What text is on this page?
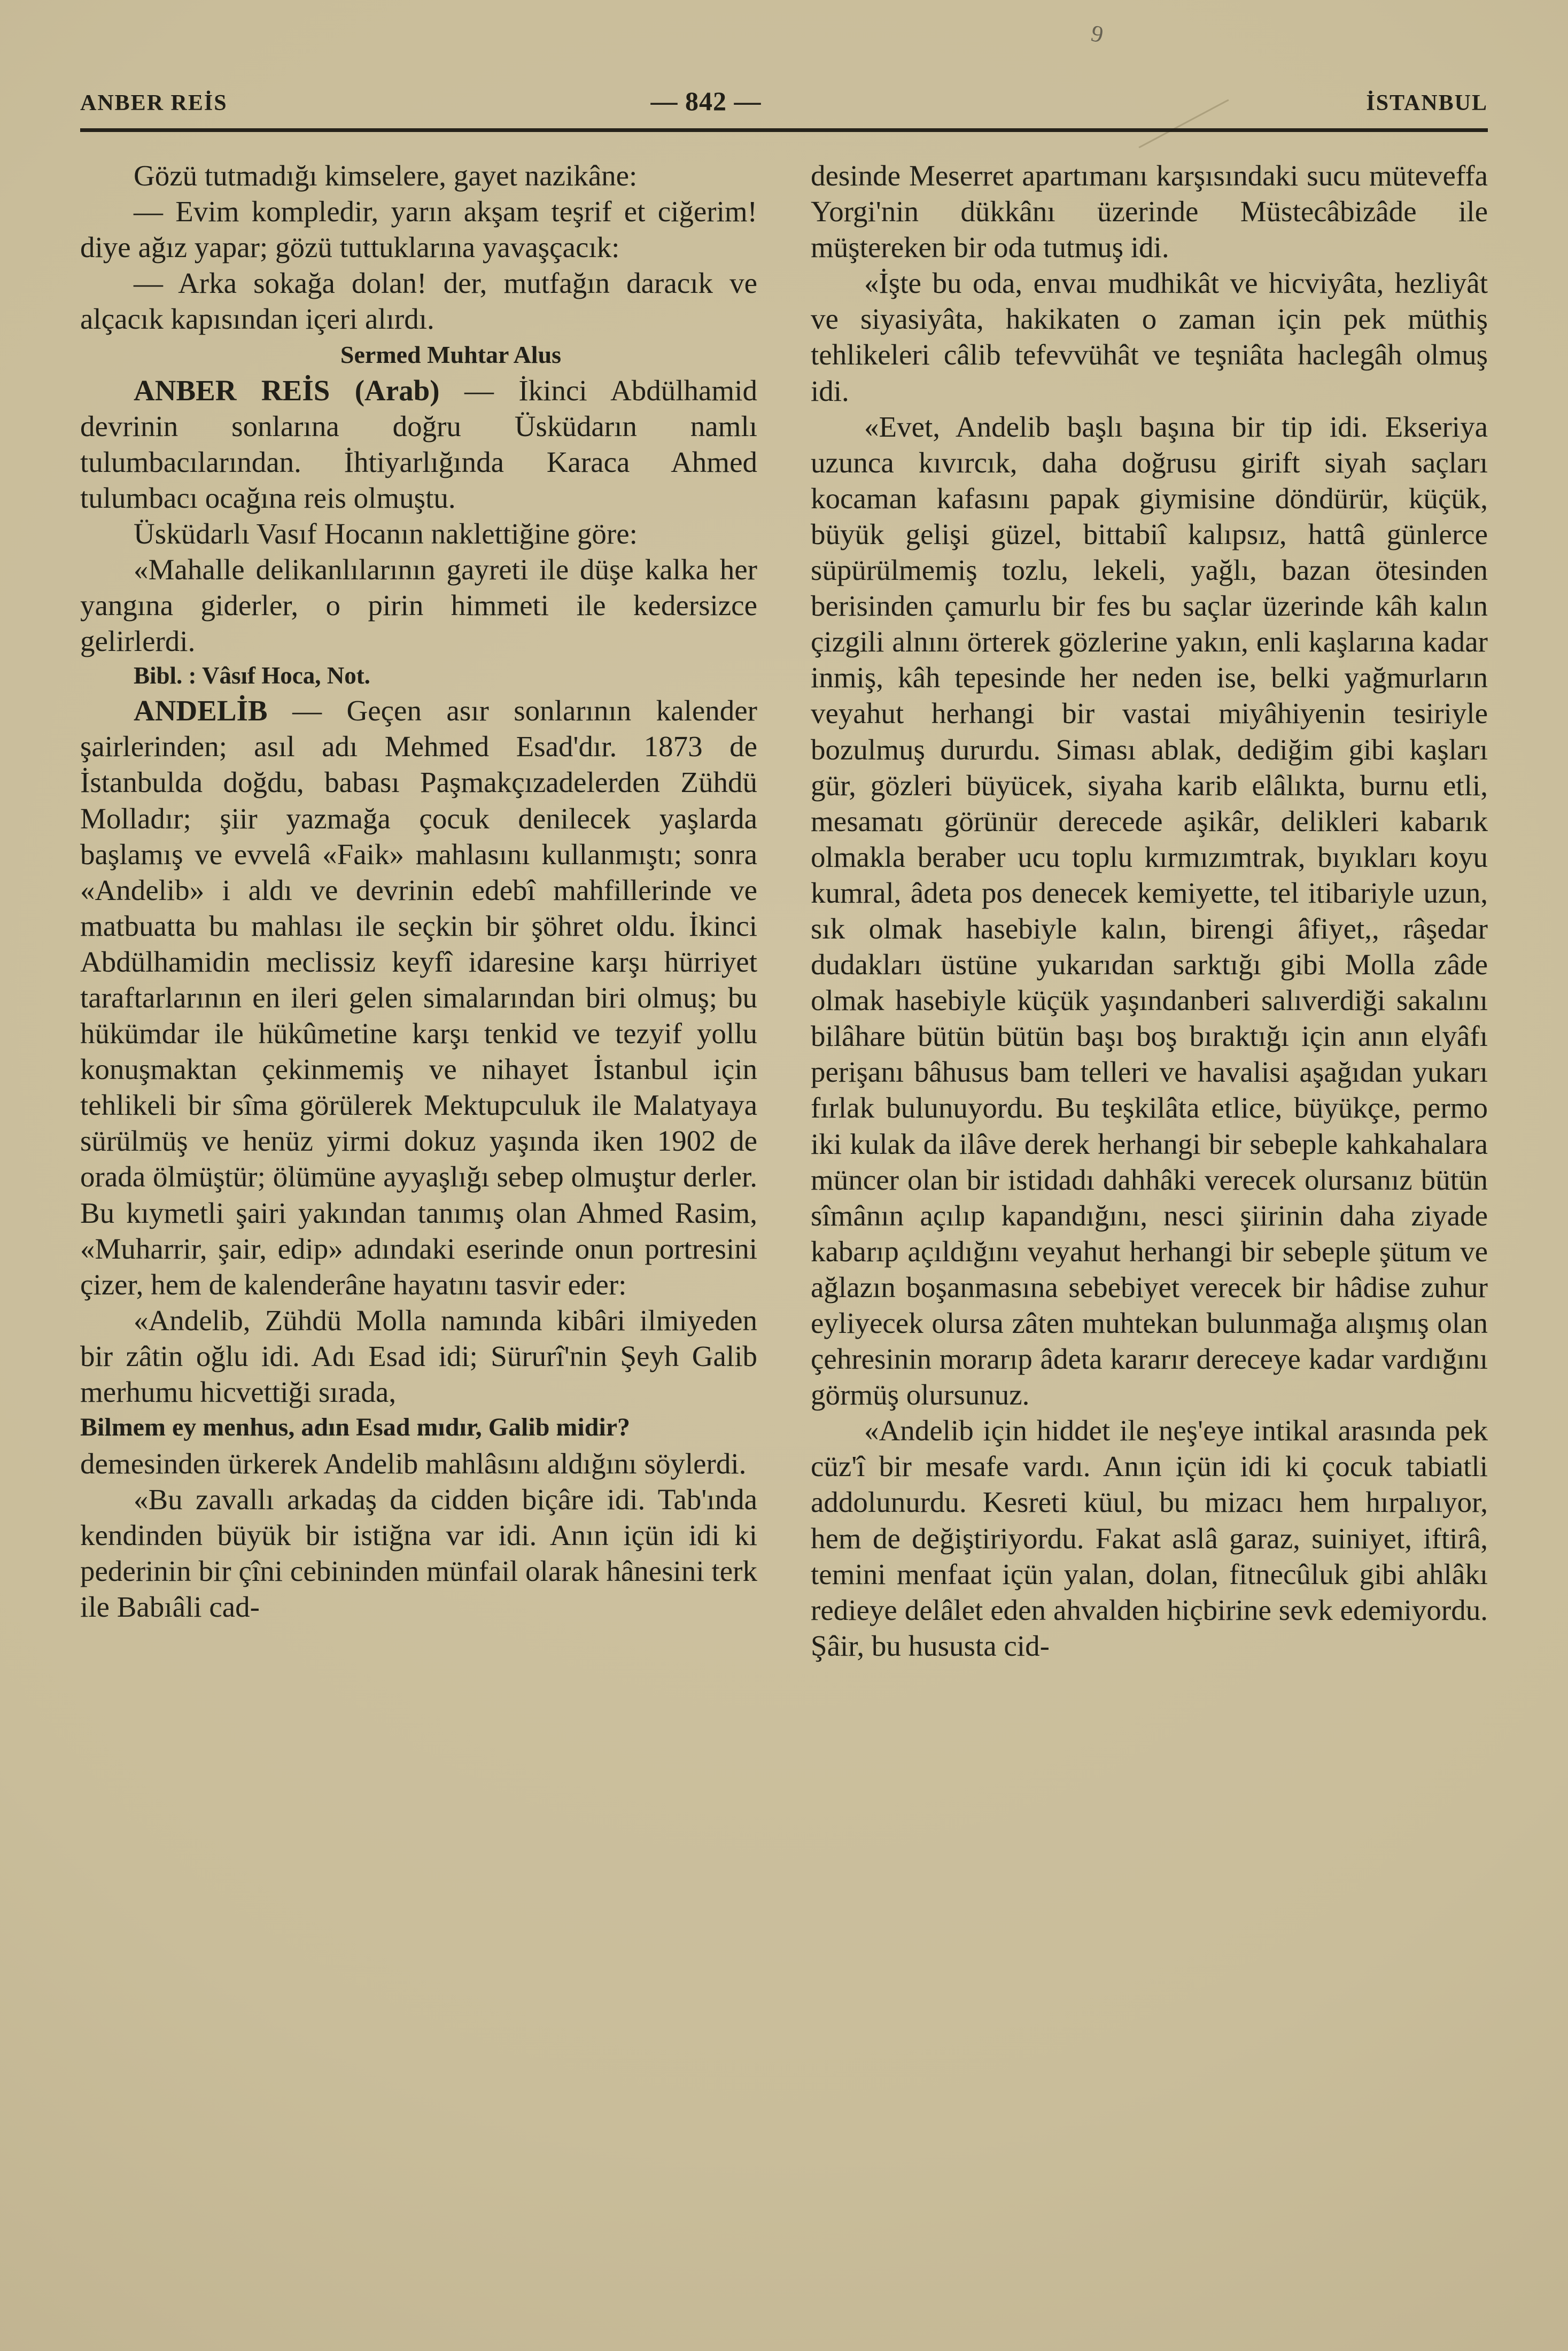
9
ANBER REİS	— 842 —	İSTANBUL

Gözü tutmadığı kimselere, gayet nazikâne:

— Evim kompledir, yarın akşam teşrif et ciğerim! diye ağız yapar; gözü tuttuklarına yavaşçacık:

— Arka sokağa dolan! der, mutfağın daracık ve alçacık kapısından içeri alırdı.

Sermed Muhtar Alus

ANBER REİS (Arab) — İkinci Abdülhamid devrinin sonlarına doğru Üsküdarın namlı tulumbacılarından. İhtiyarlığında Karaca Ahmed tulumbacı ocağına reis olmuştu.

Üsküdarlı Vasıf Hocanın naklettiğine göre:

«Mahalle delikanlılarının gayreti ile düşe kalka her yangına giderler, o pirin himmeti ile kedersizce gelirlerdi.

Bibl. : Vâsıf Hoca, Not.

ANDELİB — Geçen asır sonlarının kalender şairlerinden; asıl adı Mehmed Esad'dır. 1873 de İstanbulda doğdu, babası Paşmakçızadelerden Zühdü Molladır; şiir yazmağa çocuk denilecek yaşlarda başlamış ve evvelâ «Faik» mahlasını kullanmıştı; sonra «Andelib» i aldı ve devrinin edebî mahfillerinde ve matbuatta bu mahlası ile seçkin bir şöhret oldu. İkinci Abdülhamidin meclissiz keyfî idaresine karşı hürriyet taraftarlarının en ileri gelen simalarından biri olmuş; bu hükümdar ile hükûmetine karşı tenkid ve tezyif yollu konuşmaktan çekinmemiş ve nihayet İstanbul için tehlikeli bir sîma görülerek Mektupculuk ile Malatyaya sürülmüş ve henüz yirmi dokuz yaşında iken 1902 de orada ölmüştür; ölümüne ayyaşlığı sebep olmuştur derler. Bu kıymetli şairi yakından tanımış olan Ahmed Rasim, «Muharrir, şair, edip» adındaki eserinde onun portresini çizer, hem de kalenderâne hayatını tasvir eder:

«Andelib, Zühdü Molla namında kibâri ilmiyeden bir zâtin oğlu idi. Adı Esad idi; Sürurî'nin Şeyh Galib merhumu hicvettiği sırada,

Bilmem ey menhus, adın Esad mıdır, Galib midir?

demesinden ürkerek Andelib mahlâsını aldığını söylerdi.

«Bu zavallı arkadaş da cidden biçâre idi. Tab'ında kendinden büyük bir istiğna var idi. Anın içün idi ki pederinin bir çîni cebininden münfail olarak hânesini terk ile Babıâli cad-

desinde Meserret apartımanı karşısındaki sucu müteveffa Yorgi'nin dükkânı üzerinde Müstecâbizâde ile müştereken bir oda tutmuş idi.

«İşte bu oda, envaı mudhikât ve hicviyâta, hezliyât ve siyasiyâta, hakikaten o zaman için pek müthiş tehlikeleri câlib tefevvühât ve teşniâta haclegâh olmuş idi.

«Evet, Andelib başlı başına bir tip idi. Ekseriya uzunca kıvırcık, daha doğrusu girift siyah saçları kocaman kafasını papak giymisine döndürür, küçük, büyük gelişi güzel, bittabiî kalıpsız, hattâ günlerce süpürülmemiş tozlu, lekeli, yağlı, bazan ötesinden berisinden çamurlu bir fes bu saçlar üzerinde kâh kalın çizgili alnını örterek gözlerine yakın, enli kaşlarına kadar inmiş, kâh tepesinde her neden ise, belki yağmurların veyahut herhangi bir vastai miyâhiyenin tesiriyle bozulmuş dururdu. Siması ablak, dediğim gibi kaşları gür, gözleri büyücek, siyaha karib elâlıkta, burnu etli, mesamatı görünür derecede aşikâr, delikleri kabarık olmakla beraber ucu toplu kırmızımtrak, bıyıkları koyu kumral, âdeta pos denecek kemiyette, tel itibariyle uzun, sık olmak hasebiyle kalın, birengi âfiyet,, râşedar dudakları üstüne yukarıdan sarktığı gibi Molla zâde olmak hasebiyle küçük yaşındanberi salıverdiği sakalını bilâhare bütün bütün başı boş bıraktığı için anın elyâfı perişanı bâhusus bam telleri ve havalisi aşağıdan yukarı fırlak bulunuyordu. Bu teşkilâta etlice, büyükçe, permo iki kulak da ilâve derek herhangi bir sebeple kahkahalara müncer olan bir istidadı dahhâki verecek olursanız bütün sîmânın açılıp kapandığını, nesci şiirinin daha ziyade kabarıp açıldığını veyahut herhangi bir sebeple şütum ve ağlazın boşanmasına sebebiyet verecek bir hâdise zuhur eyliyecek olursa zâten muhtekan bulunmağa alışmış olan çehresinin morarıp âdeta kararır dereceye kadar vardığını görmüş olursunuz.

«Andelib için hiddet ile neş'eye intikal arasında pek cüz'î bir mesafe vardı. Anın içün idi ki çocuk tabiatli addolunurdu. Kesreti küul, bu mizacı hem hırpalıyor, hem de değiştiriyordu. Fakat aslâ garaz, suiniyet, iftirâ, temini menfaat içün yalan, dolan, fitnecûluk gibi ahlâkı redieye delâlet eden ahvalden hiçbirine sevk edemiyordu. Şâir, bu hususta cid-
